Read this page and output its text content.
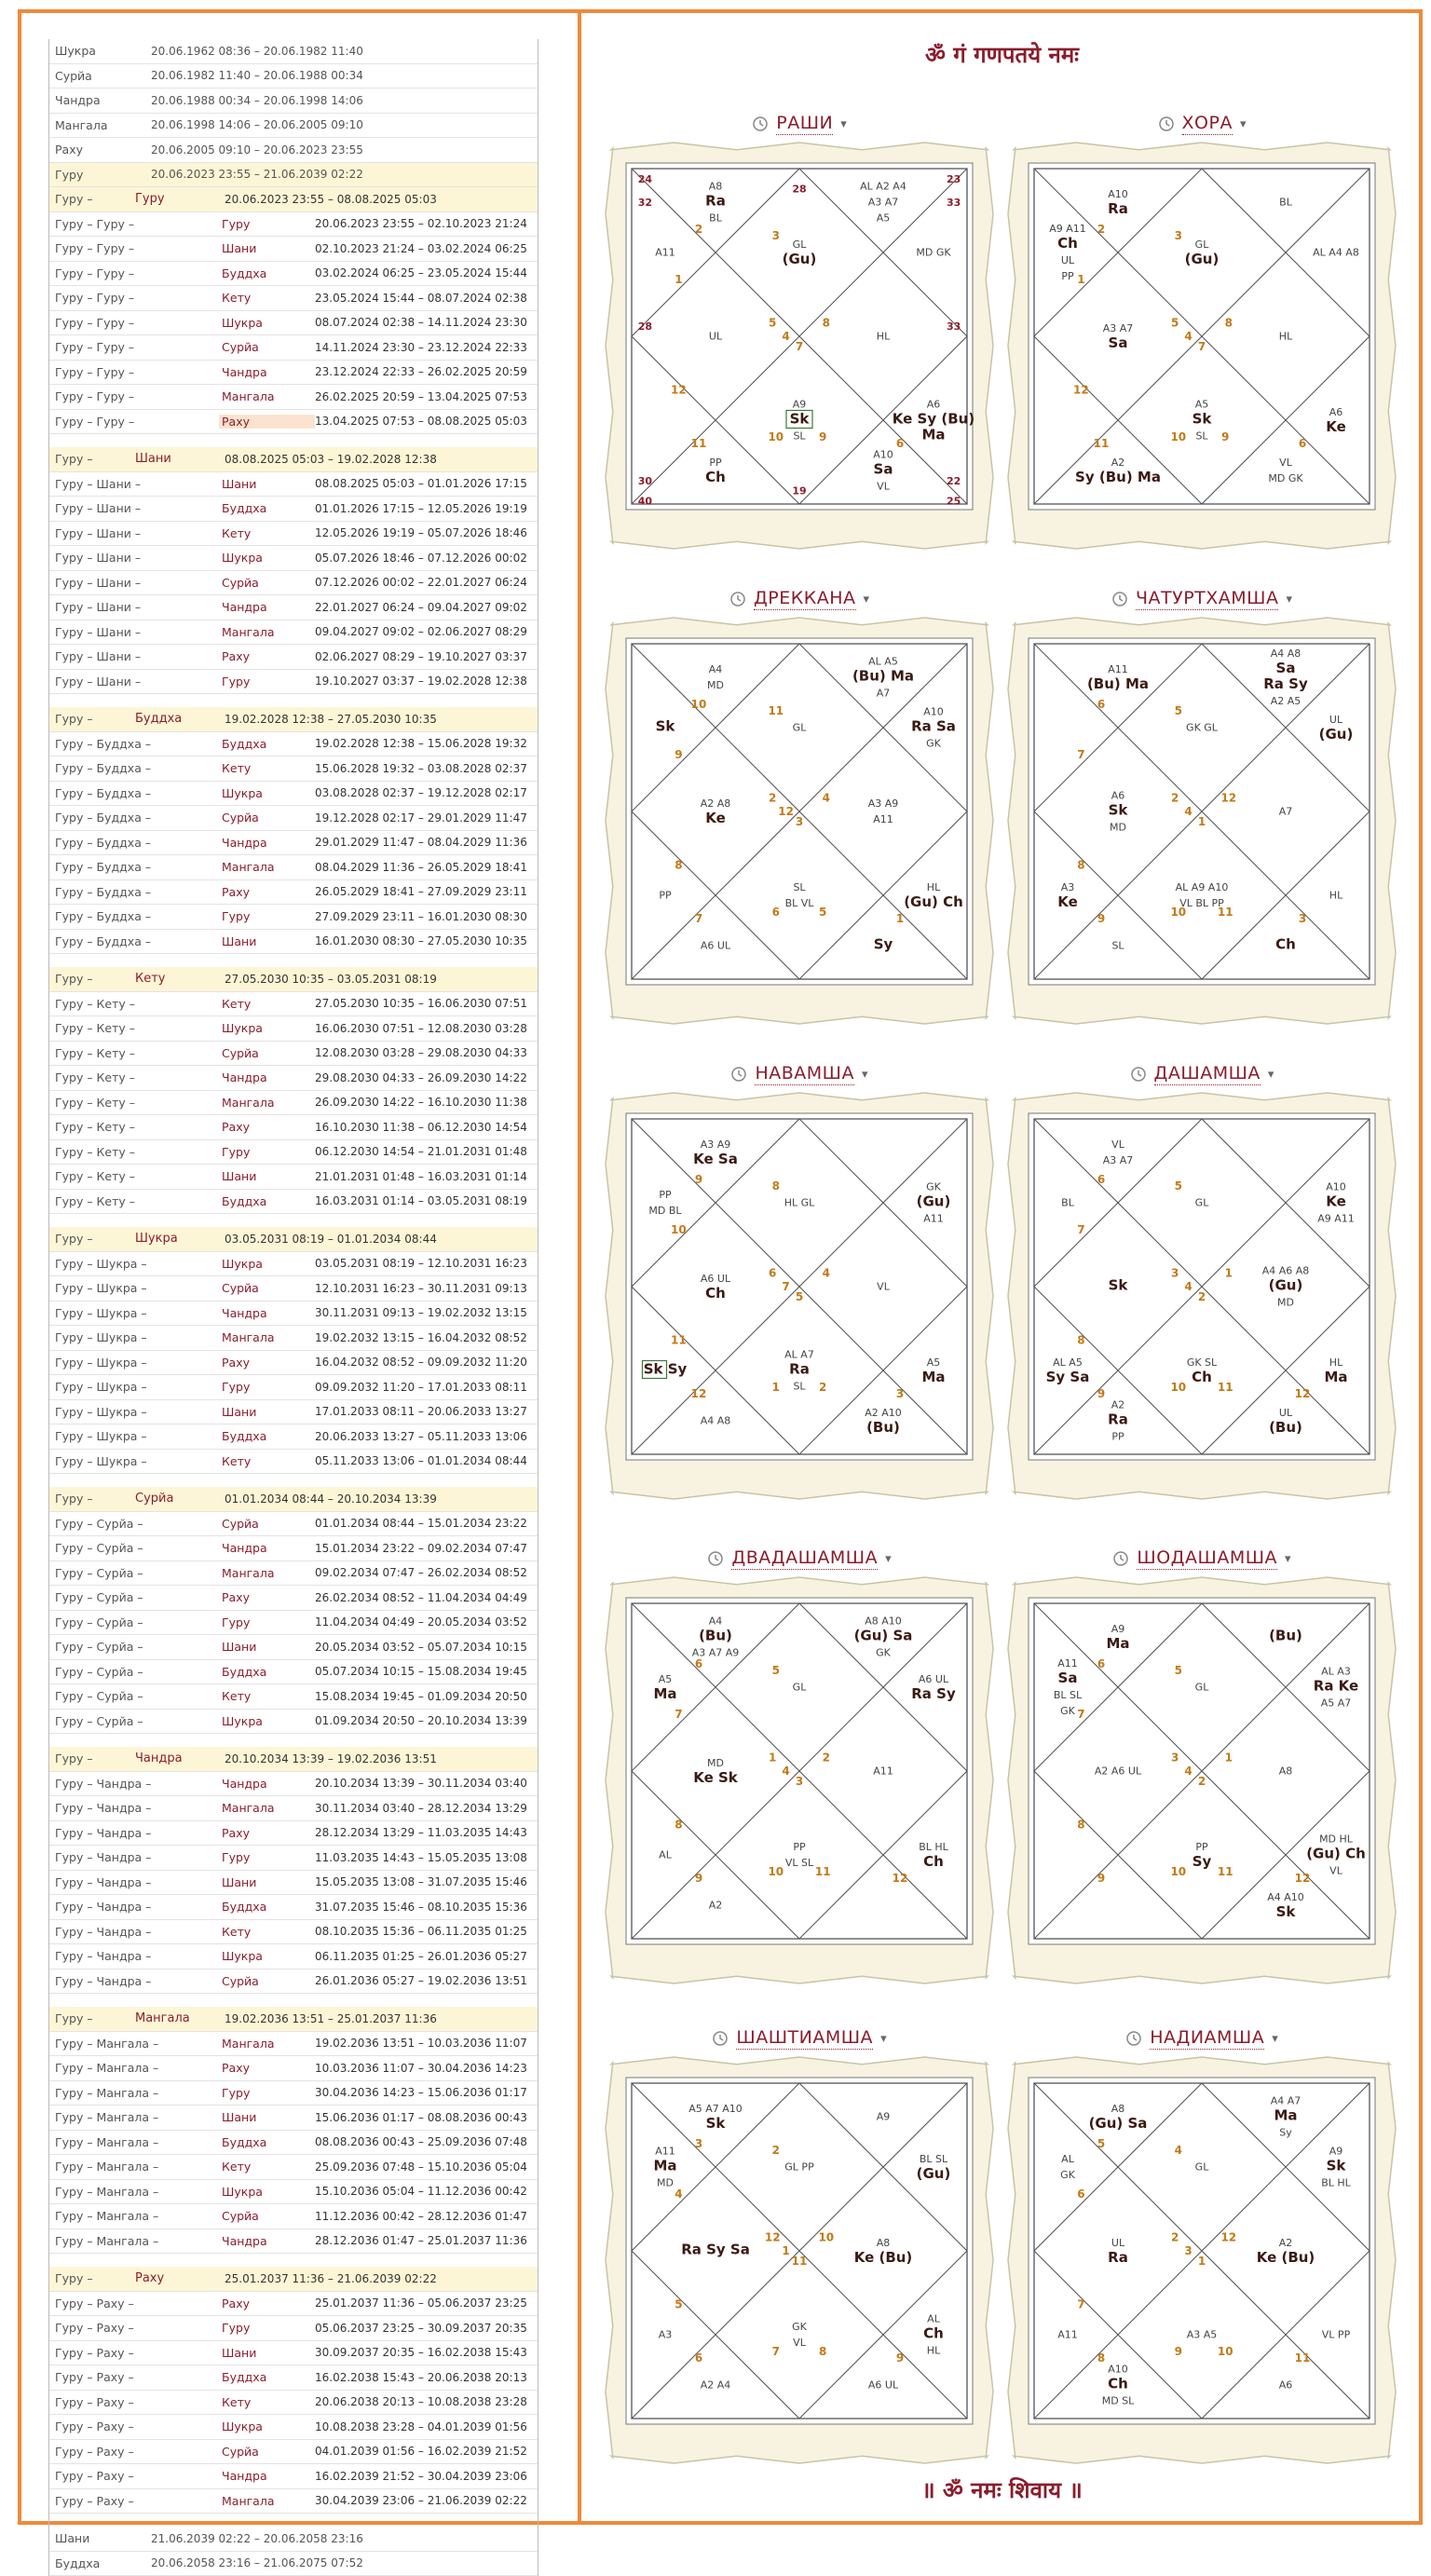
Шукра	20.06.1962 08:36 – 20.06.1982 11:40
Сурйа	20.06.1982 11:40 – 20.06.1988 00:34
Чандра	20.06.1988 00:34 – 20.06.1998 14:06
Мангала	20.06.1998 14:06 – 20.06.2005 09:10
Раху	20.06.2005 09:10 – 20.06.2023 23:55
Гуру	20.06.2023 23:55 – 21.06.2039 02:22
Гуру –	Гуру	20.06.2023 23:55 – 08.08.2025 05:03
Гуру – Гуру –	Гуру	20.06.2023 23:55 – 02.10.2023 21:24
Гуру – Гуру –	Шани	02.10.2023 21:24 – 03.02.2024 06:25
Гуру – Гуру –	Буддха	03.02.2024 06:25 – 23.05.2024 15:44
Гуру – Гуру –	Кету	23.05.2024 15:44 – 08.07.2024 02:38
Гуру – Гуру –	Шукра	08.07.2024 02:38 – 14.11.2024 23:30
Гуру – Гуру –	Сурйа	14.11.2024 23:30 – 23.12.2024 22:33
Гуру – Гуру –	Чандра	23.12.2024 22:33 – 26.02.2025 20:59
Гуру – Гуру –	Мангала	26.02.2025 20:59 – 13.04.2025 07:53
Гуру – Гуру –	Раху	13.04.2025 07:53 – 08.08.2025 05:03
Гуру –	Шани	08.08.2025 05:03 – 19.02.2028 12:38
Гуру – Шани –	Шани	08.08.2025 05:03 – 01.01.2026 17:15
Гуру – Шани –	Буддха	01.01.2026 17:15 – 12.05.2026 19:19
Гуру – Шани –	Кету	12.05.2026 19:19 – 05.07.2026 18:46
Гуру – Шани –	Шукра	05.07.2026 18:46 – 07.12.2026 00:02
Гуру – Шани –	Сурйа	07.12.2026 00:02 – 22.01.2027 06:24
Гуру – Шани –	Чандра	22.01.2027 06:24 – 09.04.2027 09:02
Гуру – Шани –	Мангала	09.04.2027 09:02 – 02.06.2027 08:29
Гуру – Шани –	Раху	02.06.2027 08:29 – 19.10.2027 03:37
Гуру – Шани –	Гуру	19.10.2027 03:37 – 19.02.2028 12:38
Гуру –	Буддха	19.02.2028 12:38 – 27.05.2030 10:35
Гуру – Буддха –	Буддха	19.02.2028 12:38 – 15.06.2028 19:32
Гуру – Буддха –	Кету	15.06.2028 19:32 – 03.08.2028 02:37
Гуру – Буддха –	Шукра	03.08.2028 02:37 – 19.12.2028 02:17
Гуру – Буддха –	Сурйа	19.12.2028 02:17 – 29.01.2029 11:47
Гуру – Буддха –	Чандра	29.01.2029 11:47 – 08.04.2029 11:36
Гуру – Буддха –	Мангала	08.04.2029 11:36 – 26.05.2029 18:41
Гуру – Буддха –	Раху	26.05.2029 18:41 – 27.09.2029 23:11
Гуру – Буддха –	Гуру	27.09.2029 23:11 – 16.01.2030 08:30
Гуру – Буддха –	Шани	16.01.2030 08:30 – 27.05.2030 10:35
Гуру –	Кету	27.05.2030 10:35 – 03.05.2031 08:19
Гуру – Кету –	Кету	27.05.2030 10:35 – 16.06.2030 07:51
Гуру – Кету –	Шукра	16.06.2030 07:51 – 12.08.2030 03:28
Гуру – Кету –	Сурйа	12.08.2030 03:28 – 29.08.2030 04:33
Гуру – Кету –	Чандра	29.08.2030 04:33 – 26.09.2030 14:22
Гуру – Кету –	Мангала	26.09.2030 14:22 – 16.10.2030 11:38
Гуру – Кету –	Раху	16.10.2030 11:38 – 06.12.2030 14:54
Гуру – Кету –	Гуру	06.12.2030 14:54 – 21.01.2031 01:48
Гуру – Кету –	Шани	21.01.2031 01:48 – 16.03.2031 01:14
Гуру – Кету –	Буддха	16.03.2031 01:14 – 03.05.2031 08:19
Гуру –	Шукра	03.05.2031 08:19 – 01.01.2034 08:44
Гуру – Шукра –	Шукра	03.05.2031 08:19 – 12.10.2031 16:23
Гуру – Шукра –	Сурйа	12.10.2031 16:23 – 30.11.2031 09:13
Гуру – Шукра –	Чандра	30.11.2031 09:13 – 19.02.2032 13:15
Гуру – Шукра –	Мангала	19.02.2032 13:15 – 16.04.2032 08:52
Гуру – Шукра –	Раху	16.04.2032 08:52 – 09.09.2032 11:20
Гуру – Шукра –	Гуру	09.09.2032 11:20 – 17.01.2033 08:11
Гуру – Шукра –	Шани	17.01.2033 08:11 – 20.06.2033 13:27
Гуру – Шукра –	Буддха	20.06.2033 13:27 – 05.11.2033 13:06
Гуру – Шукра –	Кету	05.11.2033 13:06 – 01.01.2034 08:44
Гуру –	Сурйа	01.01.2034 08:44 – 20.10.2034 13:39
Гуру – Сурйа –	Сурйа	01.01.2034 08:44 – 15.01.2034 23:22
Гуру – Сурйа –	Чандра	15.01.2034 23:22 – 09.02.2034 07:47
Гуру – Сурйа –	Мангала	09.02.2034 07:47 – 26.02.2034 08:52
Гуру – Сурйа –	Раху	26.02.2034 08:52 – 11.04.2034 04:49
Гуру – Сурйа –	Гуру	11.04.2034 04:49 – 20.05.2034 03:52
Гуру – Сурйа –	Шани	20.05.2034 03:52 – 05.07.2034 10:15
Гуру – Сурйа –	Буддха	05.07.2034 10:15 – 15.08.2034 19:45
Гуру – Сурйа –	Кету	15.08.2034 19:45 – 01.09.2034 20:50
Гуру – Сурйа –	Шукра	01.09.2034 20:50 – 20.10.2034 13:39
Гуру –	Чандра	20.10.2034 13:39 – 19.02.2036 13:51
Гуру – Чандра –	Чандра	20.10.2034 13:39 – 30.11.2034 03:40
Гуру – Чандра –	Мангала	30.11.2034 03:40 – 28.12.2034 13:29
Гуру – Чандра –	Раху	28.12.2034 13:29 – 11.03.2035 14:43
Гуру – Чандра –	Гуру	11.03.2035 14:43 – 15.05.2035 13:08
Гуру – Чандра –	Шани	15.05.2035 13:08 – 31.07.2035 15:46
Гуру – Чандра –	Буддха	31.07.2035 15:46 – 08.10.2035 15:36
Гуру – Чандра –	Кету	08.10.2035 15:36 – 06.11.2035 01:25
Гуру – Чандра –	Шукра	06.11.2035 01:25 – 26.01.2036 05:27
Гуру – Чандра –	Сурйа	26.01.2036 05:27 – 19.02.2036 13:51
Гуру –	Мангала	19.02.2036 13:51 – 25.01.2037 11:36
Гуру – Мангала –	Мангала	19.02.2036 13:51 – 10.03.2036 11:07
Гуру – Мангала –	Раху	10.03.2036 11:07 – 30.04.2036 14:23
Гуру – Мангала –	Гуру	30.04.2036 14:23 – 15.06.2036 01:17
Гуру – Мангала –	Шани	15.06.2036 01:17 – 08.08.2036 00:43
Гуру – Мангала –	Буддха	08.08.2036 00:43 – 25.09.2036 07:48
Гуру – Мангала –	Кету	25.09.2036 07:48 – 15.10.2036 05:04
Гуру – Мангала –	Шукра	15.10.2036 05:04 – 11.12.2036 00:42
Гуру – Мангала –	Сурйа	11.12.2036 00:42 – 28.12.2036 01:47
Гуру – Мангала –	Чандра	28.12.2036 01:47 – 25.01.2037 11:36
Гуру –	Раху	25.01.2037 11:36 – 21.06.2039 02:22
Гуру – Раху –	Раху	25.01.2037 11:36 – 05.06.2037 23:25
Гуру – Раху –	Гуру	05.06.2037 23:25 – 30.09.2037 20:35
Гуру – Раху –	Шани	30.09.2037 20:35 – 16.02.2038 15:43
Гуру – Раху –	Буддха	16.02.2038 15:43 – 20.06.2038 20:13
Гуру – Раху –	Кету	20.06.2038 20:13 – 10.08.2038 23:28
Гуру – Раху –	Шукра	10.08.2038 23:28 – 04.01.2039 01:56
Гуру – Раху –	Сурйа	04.01.2039 01:56 – 16.02.2039 21:52
Гуру – Раху –	Чандра	16.02.2039 21:52 – 30.04.2039 23:06
Гуру – Раху –	Мангала	30.04.2039 23:06 – 21.06.2039 02:22
Шани	21.06.2039 02:22 – 20.06.2058 23:16
Буддха	20.06.2058 23:16 – 21.06.2075 07:52
ॐ गं गणपतये नमः
॥ ॐ नमः शिवाय ॥
РАШИ ▾
8
7
5
4
3
2
1
12
11
10	9
6
GL
(Gu)
A8
Ra
BL
A11
UL
PP
Ch
A9
Sk
SL
A10
Sa
VL
A6
Ke Sy (Bu)
Ma
HL
MD GK
AL A2 A4
A3 A7
A5
24
32
28
23
33
28	33
30
40
19
22
25
ХОРА ▾
8
7
5
4
3
2
1
12
11
10	9
6
GL
(Gu)
A10
Ra
A9 A11
Ch
UL
PP
A3 A7
Sa
A2
Sy (Bu) Ma
A5
Sk
SL
VL
MD GK
A6
Ke
HL
AL A4 A8
BL
ДРЕККАНА ▾
4
3
2
12
11
10
9
8
7
6	5
1
GL
A4
MD
Sk
A2 A8
Ke
PP
A6 UL
SL
BL VL
Sy
HL
(Gu) Ch
A3 A9
A11
A10
Ra Sa
GK
AL A5
(Bu) Ma
A7
ЧАТУРТХАМША ▾
12
1
2
4
5
6
7
8
9
10	11
3
GK GL
A11
(Bu) Ma
A6
Sk
MD
A3
Ke
SL
AL A9 A10
VL BL PP
Ch
HL
A7
UL
(Gu)
A4 A8
Sa
Ra Sy
A2 A5
НАВАМША ▾
4
5
6
7
8
9
10
11
12
1	2
3
HL GL
A3 A9
Ke Sa
PP
MD BL
A6 UL
Ch
Sk Sy
A4 A8
AL A7
Ra
SL
A2 A10
(Bu)
A5
Ma
VL
GK
(Gu)
A11
ДАШАМША ▾
1
2
3
4
5
6
7
8
9
10	11
12
GL
VL
A3 A7
BL
Sk
AL A5
Sy Sa
A2
Ra
PP
GK SL
Ch
UL
(Bu)
HL
Ma
A4 A6 A8
(Gu)
MD
A10
Ke
A9 A11
ДВАДАШАМША ▾
2
3
1
4
5
6
7
8
9
10	11
12
GL
A4
(Bu)
A3 A7 A9
A5
Ma
MD
Ke Sk
AL
A2
PP
VL SL
BL HL
Ch
A11
A6 UL
Ra Sy
A8 A10
(Gu) Sa
GK
ШОДАШАМША ▾
1
2
3
4
5
6
7
8
9
10	11
12
GL
A9
Ma
A11
Sa
BL SL
GK
A2 A6 UL
PP
Sy
A4 A10
Sk
MD HL
(Gu) Ch
VL
A8
AL A3
Ra Ke
A5 A7
(Bu)
ШАШТИАМША ▾
10
11
12
1
2
3
4
5
6
7	8
9
GL PP
A5 A7 A10
Sk
A11
Ma
MD
Ra Sy Sa
A3
A2 A4
GK
VL
A6 UL
AL
Ch
HL
A8
Ke (Bu)
BL SL
(Gu)
A9
НАДИАМША ▾
12
1
2
3
4
5
6
7
8
9	10
11
GL
A8
(Gu) Sa
AL
GK
UL
Ra
A11
A10
Ch
MD SL
A3 A5
A6
VL PP
A2
Ke (Bu)
A9
Sk
BL HL
A4 A7
Ma
Sy
